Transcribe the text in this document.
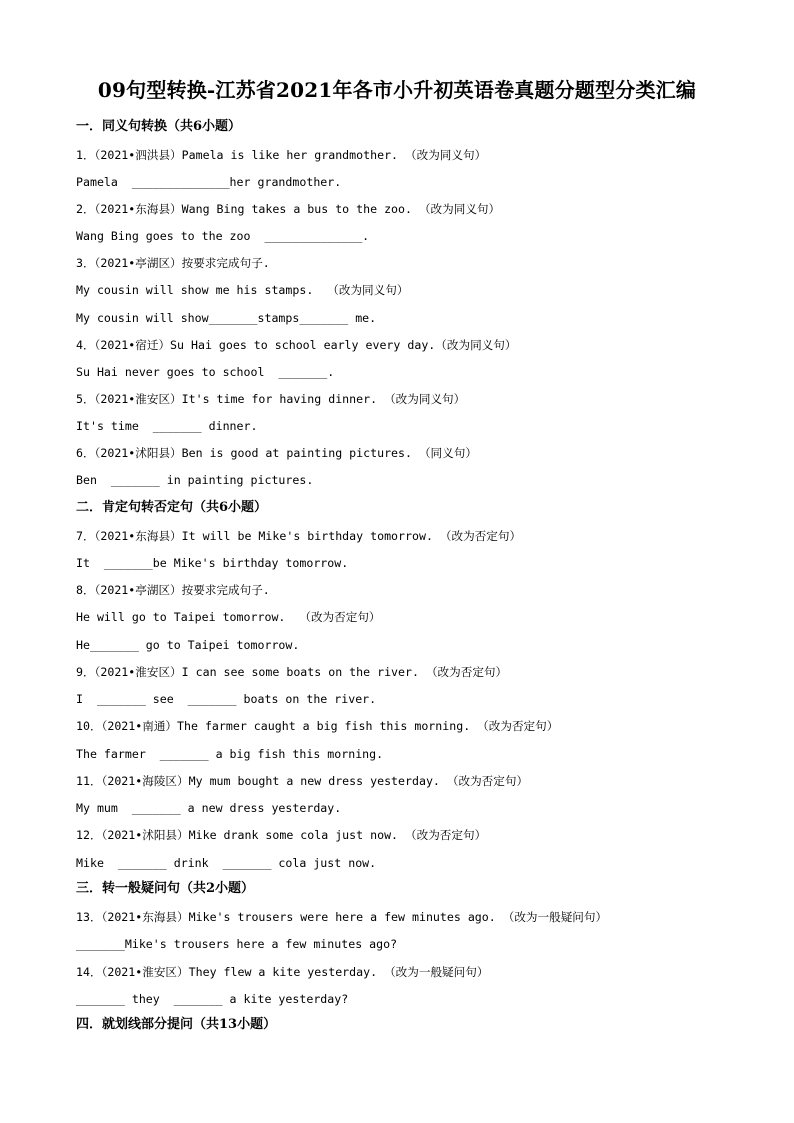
09句型转换-江苏省2021年各市小升初英语卷真题分题型分类汇编
一．同义句转换（共6小题）
1．（2021•泗洪县）Pamela is like her grandmother. （改为同义句）
Pamela  ______________her grandmother.
2．（2021•东海县）Wang Bing takes a bus to the zoo. （改为同义句）
Wang Bing goes to the zoo  ______________.
3．（2021•亭湖区）按要求完成句子.
My cousin will show me his stamps.  （改为同义句）
My cousin will show_______stamps_______ me.
4．（2021•宿迁）Su Hai goes to school early every day.（改为同义句）
Su Hai never goes to school  _______.
5．（2021•淮安区）It's time for having dinner. （改为同义句）
It's time  _______ dinner.
6．（2021•沭阳县）Ben is good at painting pictures. （同义句）
Ben  _______ in painting pictures.
二．肯定句转否定句（共6小题）
7．（2021•东海县）It will be Mike's birthday tomorrow. （改为否定句）
It  _______be Mike's birthday tomorrow.
8．（2021•亭湖区）按要求完成句子.
He will go to Taipei tomorrow.  （改为否定句）
He_______ go to Taipei tomorrow.
9．（2021•淮安区）I can see some boats on the river. （改为否定句）
I  _______ see  _______ boats on the river.
10．（2021•南通）The farmer caught a big fish this morning. （改为否定句）
The farmer  _______ a big fish this morning.
11．（2021•海陵区）My mum bought a new dress yesterday. （改为否定句）
My mum  _______ a new dress yesterday.
12．（2021•沭阳县）Mike drank some cola just now. （改为否定句）
Mike  _______ drink  _______ cola just now.
三．转一般疑问句（共2小题）
13．（2021•东海县）Mike's trousers were here a few minutes ago. （改为一般疑问句）
_______Mike's trousers here a few minutes ago?
14．（2021•淮安区）They flew a kite yesterday. （改为一般疑问句）
_______ they  _______ a kite yesterday?
四．就划线部分提问（共13小题）
